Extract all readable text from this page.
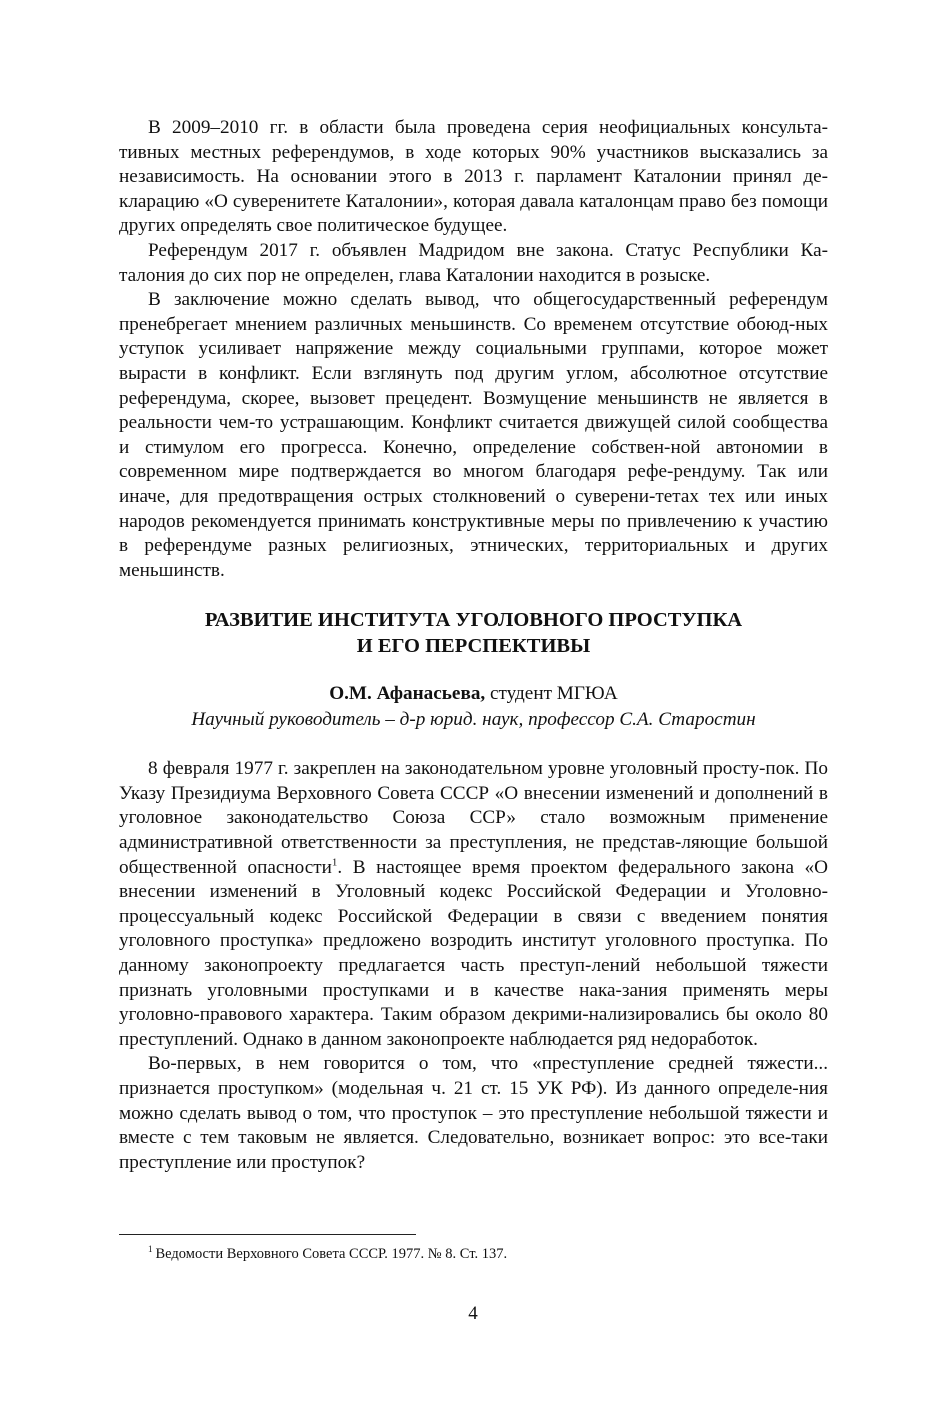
В 2009–2010 гг. в области была проведена серия неофициальных консульта-тивных местных референдумов, в ходе которых 90% участников высказались за независимость. На основании этого в 2013 г. парламент Каталонии принял де-кларацию «О суверенитете Каталонии», которая давала каталонцам право без помощи других определять свое политическое будущее.

Референдум 2017 г. объявлен Мадридом вне закона. Статус Республики Ка-талония до сих пор не определен, глава Каталонии находится в розыске.

В заключение можно сделать вывод, что общегосударственный референдум пренебрегает мнением различных меньшинств. Со временем отсутствие обоюд-ных уступок усиливает напряжение между социальными группами, которое может вырасти в конфликт. Если взглянуть под другим углом, абсолютное отсутствие референдума, скорее, вызовет прецедент. Возмущение меньшинств не является в реальности чем-то устрашающим. Конфликт считается движущей силой сообщества и стимулом его прогресса. Конечно, определение собствен-ной автономии в современном мире подтверждается во многом благодаря рефе-рендуму. Так или иначе, для предотвращения острых столкновений о суверени-тетах тех или иных народов рекомендуется принимать конструктивные меры по привлечению к участию в референдуме разных религиозных, этнических, территориальных и других меньшинств.

РАЗВИТИЕ ИНСТИТУТА УГОЛОВНОГО ПРОСТУПКА
И ЕГО ПЕРСПЕКТИВЫ

О.М. Афанасьева, студент МГЮА

Научный руководитель – д-р юрид. наук, профессор С.А. Старостин

8 февраля 1977 г. закреплен на законодательном уровне уголовный просту-пок. По Указу Президиума Верховного Совета СССР «О внесении изменений и дополнений в уголовное законодательство Союза ССР» стало возможным применение административной ответственности за преступления, не представ-ляющие большой общественной опасности$^1$. В настоящее время проектом федерального закона «О внесении изменений в Уголовный кодекс Российской Федерации и Уголовно-процессуальный кодекс Российской Федерации в связи с введением понятия уголовного проступка» предложено возродить институт уголовного проступка. По данному законопроекту предлагается часть преступ-лений небольшой тяжести признать уголовными проступками и в качестве нака-зания применять меры уголовно-правового характера. Таким образом декрими-нализировались бы около 80 преступлений. Однако в данном законопроекте наблюдается ряд недоработок.

Во-первых, в нем говорится о том, что «преступление средней тяжести... признается проступком» (модельная ч. 21 ст. 15 УК РФ). Из данного определе-ния можно сделать вывод о том, что проступок – это преступление небольшой тяжести и вместе с тем таковым не является. Следовательно, возникает вопрос: это все-таки преступление или проступок?

$^1$ Ведомости Верховного Совета СССР. 1977. № 8. Ст. 137.
4
